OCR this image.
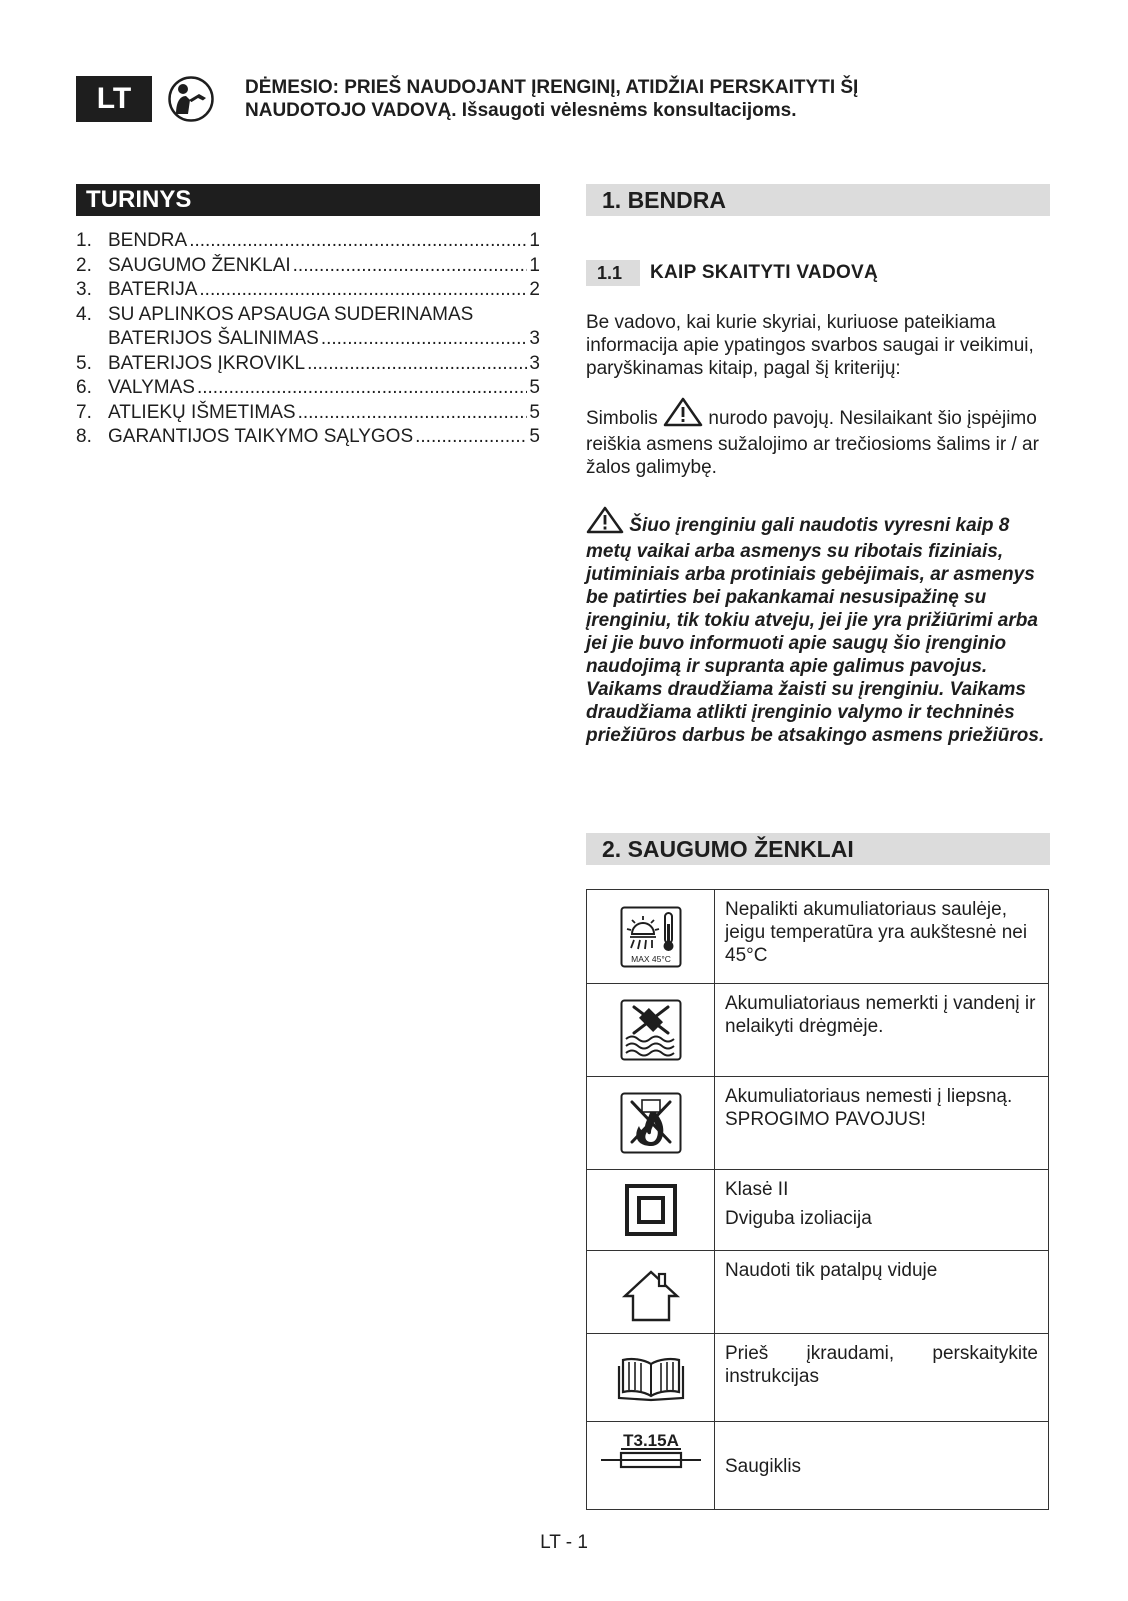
LT	DĖMESIO: PRIEŠ NAUDOJANT ĮRENGINĮ, ATIDŽIAI PERSKAITYTI ŠĮ
NAUDOTOJO VADOVĄ. Išsaugoti vėlesnėms konsultacijoms.
TURINYS
1. BENDRA .....	1
2. SAUGUMO ŽENKLAI .....	1
3. BATERIJA .....	2
4. SU APLINKOS APSAUGA SUDERINAMAS
BATERIJOS ŠALINIMAS .....	3
5. BATERIJOS ĮKROVIKL .....	3
6. VALYMAS .....	5
7. ATLIEKŲ IŠMETIMAS .....	5
8. GARANTIJOS TAIKYMO SĄLYGOS .....	5
1. BENDRA
1.1	KAIP SKAITYTI VADOVĄ
Be vadovo, kai kurie skyriai, kuriuose pateikiama informacija apie ypatingos svarbos saugai ir veikimui, paryškinamas kitaip, pagal šį kriterijų:
Simbolis	nurodo pavojų. Nesilaikant šio įspėjimo reiškia asmens sužalojimo ar trečiosioms šalims ir / ar žalos galimybę.
Šiuo įrenginiu gali naudotis vyresni kaip 8 metų vaikai arba asmenys su ribotais fiziniais, jutiminiais arba protiniais gebėjimais, ar asmenys be patirties bei pakankamai nesusipažinę su įrenginiu, tik tokiu atveju, jei jie yra prižiūrimi arba jei jie buvo informuoti apie saugų šio įrenginio naudojimą ir supranta apie galimus pavojus. Vaikams draudžiama žaisti su įrenginiu. Vaikams draudžiama atlikti įrenginio valymo ir techninės priežiūros darbus be atsakingo asmens priežiūros.
2. SAUGUMO ŽENKLAI
MAX 45°C	Nepalikti akumuliatoriaus saulėje, jeigu temperatūra yra aukštesnė nei 45°C

	Akumuliatoriaus nemerkti į vandenį ir nelaikyti drėgmėje.

	Akumuliatoriaus nemesti į liepsną. SPROGIMO PAVOJUS!

Klasė II
Dviguba izoliacija

	Naudoti tik patalpų viduje

	Prieš įkraudami, perskaitykite instrukcijas

T3.15A	Saugiklis
LT - 1
